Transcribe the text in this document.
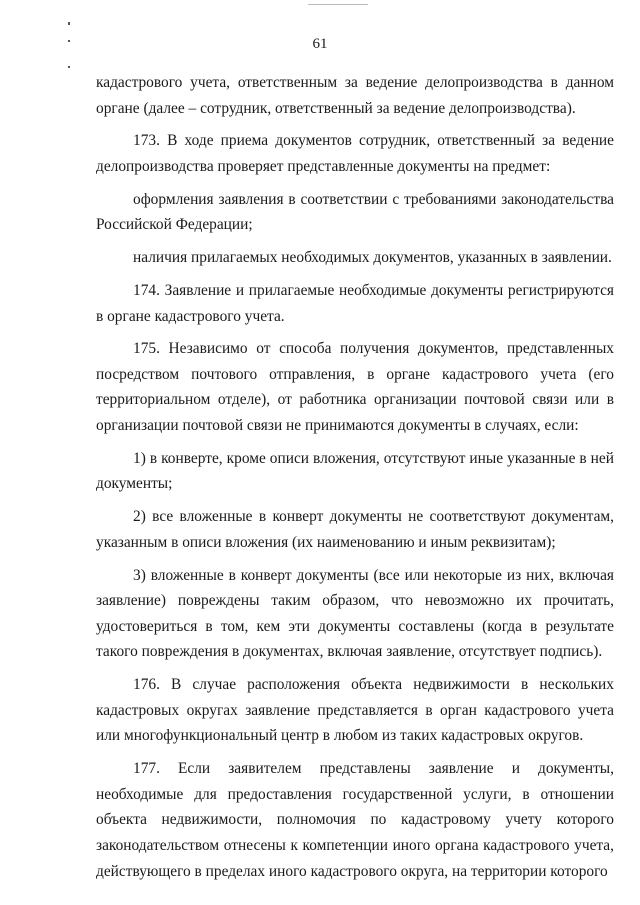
61

кадастрового учета, ответственным за ведение делопроизводства в данном органе (далее – сотрудник, ответственный за ведение делопроизводства).

173. В ходе приема документов сотрудник, ответственный за ведение делопроизводства проверяет представленные документы на предмет:

оформления заявления в соответствии с требованиями законодательства Российской Федерации;

наличия прилагаемых необходимых документов, указанных в заявлении.

174. Заявление и прилагаемые необходимые документы регистрируются в органе кадастрового учета.

175. Независимо от способа получения документов, представленных посредством почтового отправления, в органе кадастрового учета (его территориальном отделе), от работника организации почтовой связи или в организации почтовой связи не принимаются документы в случаях, если:

1) в конверте, кроме описи вложения, отсутствуют иные указанные в ней документы;

2) все вложенные в конверт документы не соответствуют документам, указанным в описи вложения (их наименованию и иным реквизитам);

3) вложенные в конверт документы (все или некоторые из них, включая заявление) повреждены таким образом, что невозможно их прочитать, удостовериться в том, кем эти документы составлены (когда в результате такого повреждения в документах, включая заявление, отсутствует подпись).

176. В случае расположения объекта недвижимости в нескольких кадастровых округах заявление представляется в орган кадастрового учета или многофункциональный центр в любом из таких кадастровых округов.

177. Если заявителем представлены заявление и документы, необходимые для предоставления государственной услуги, в отношении объекта недвижимости, полномочия по кадастровому учету которого законодательством отнесены к компетенции иного органа кадастрового учета, действующего в пределах иного кадастрового округа, на территории которого
